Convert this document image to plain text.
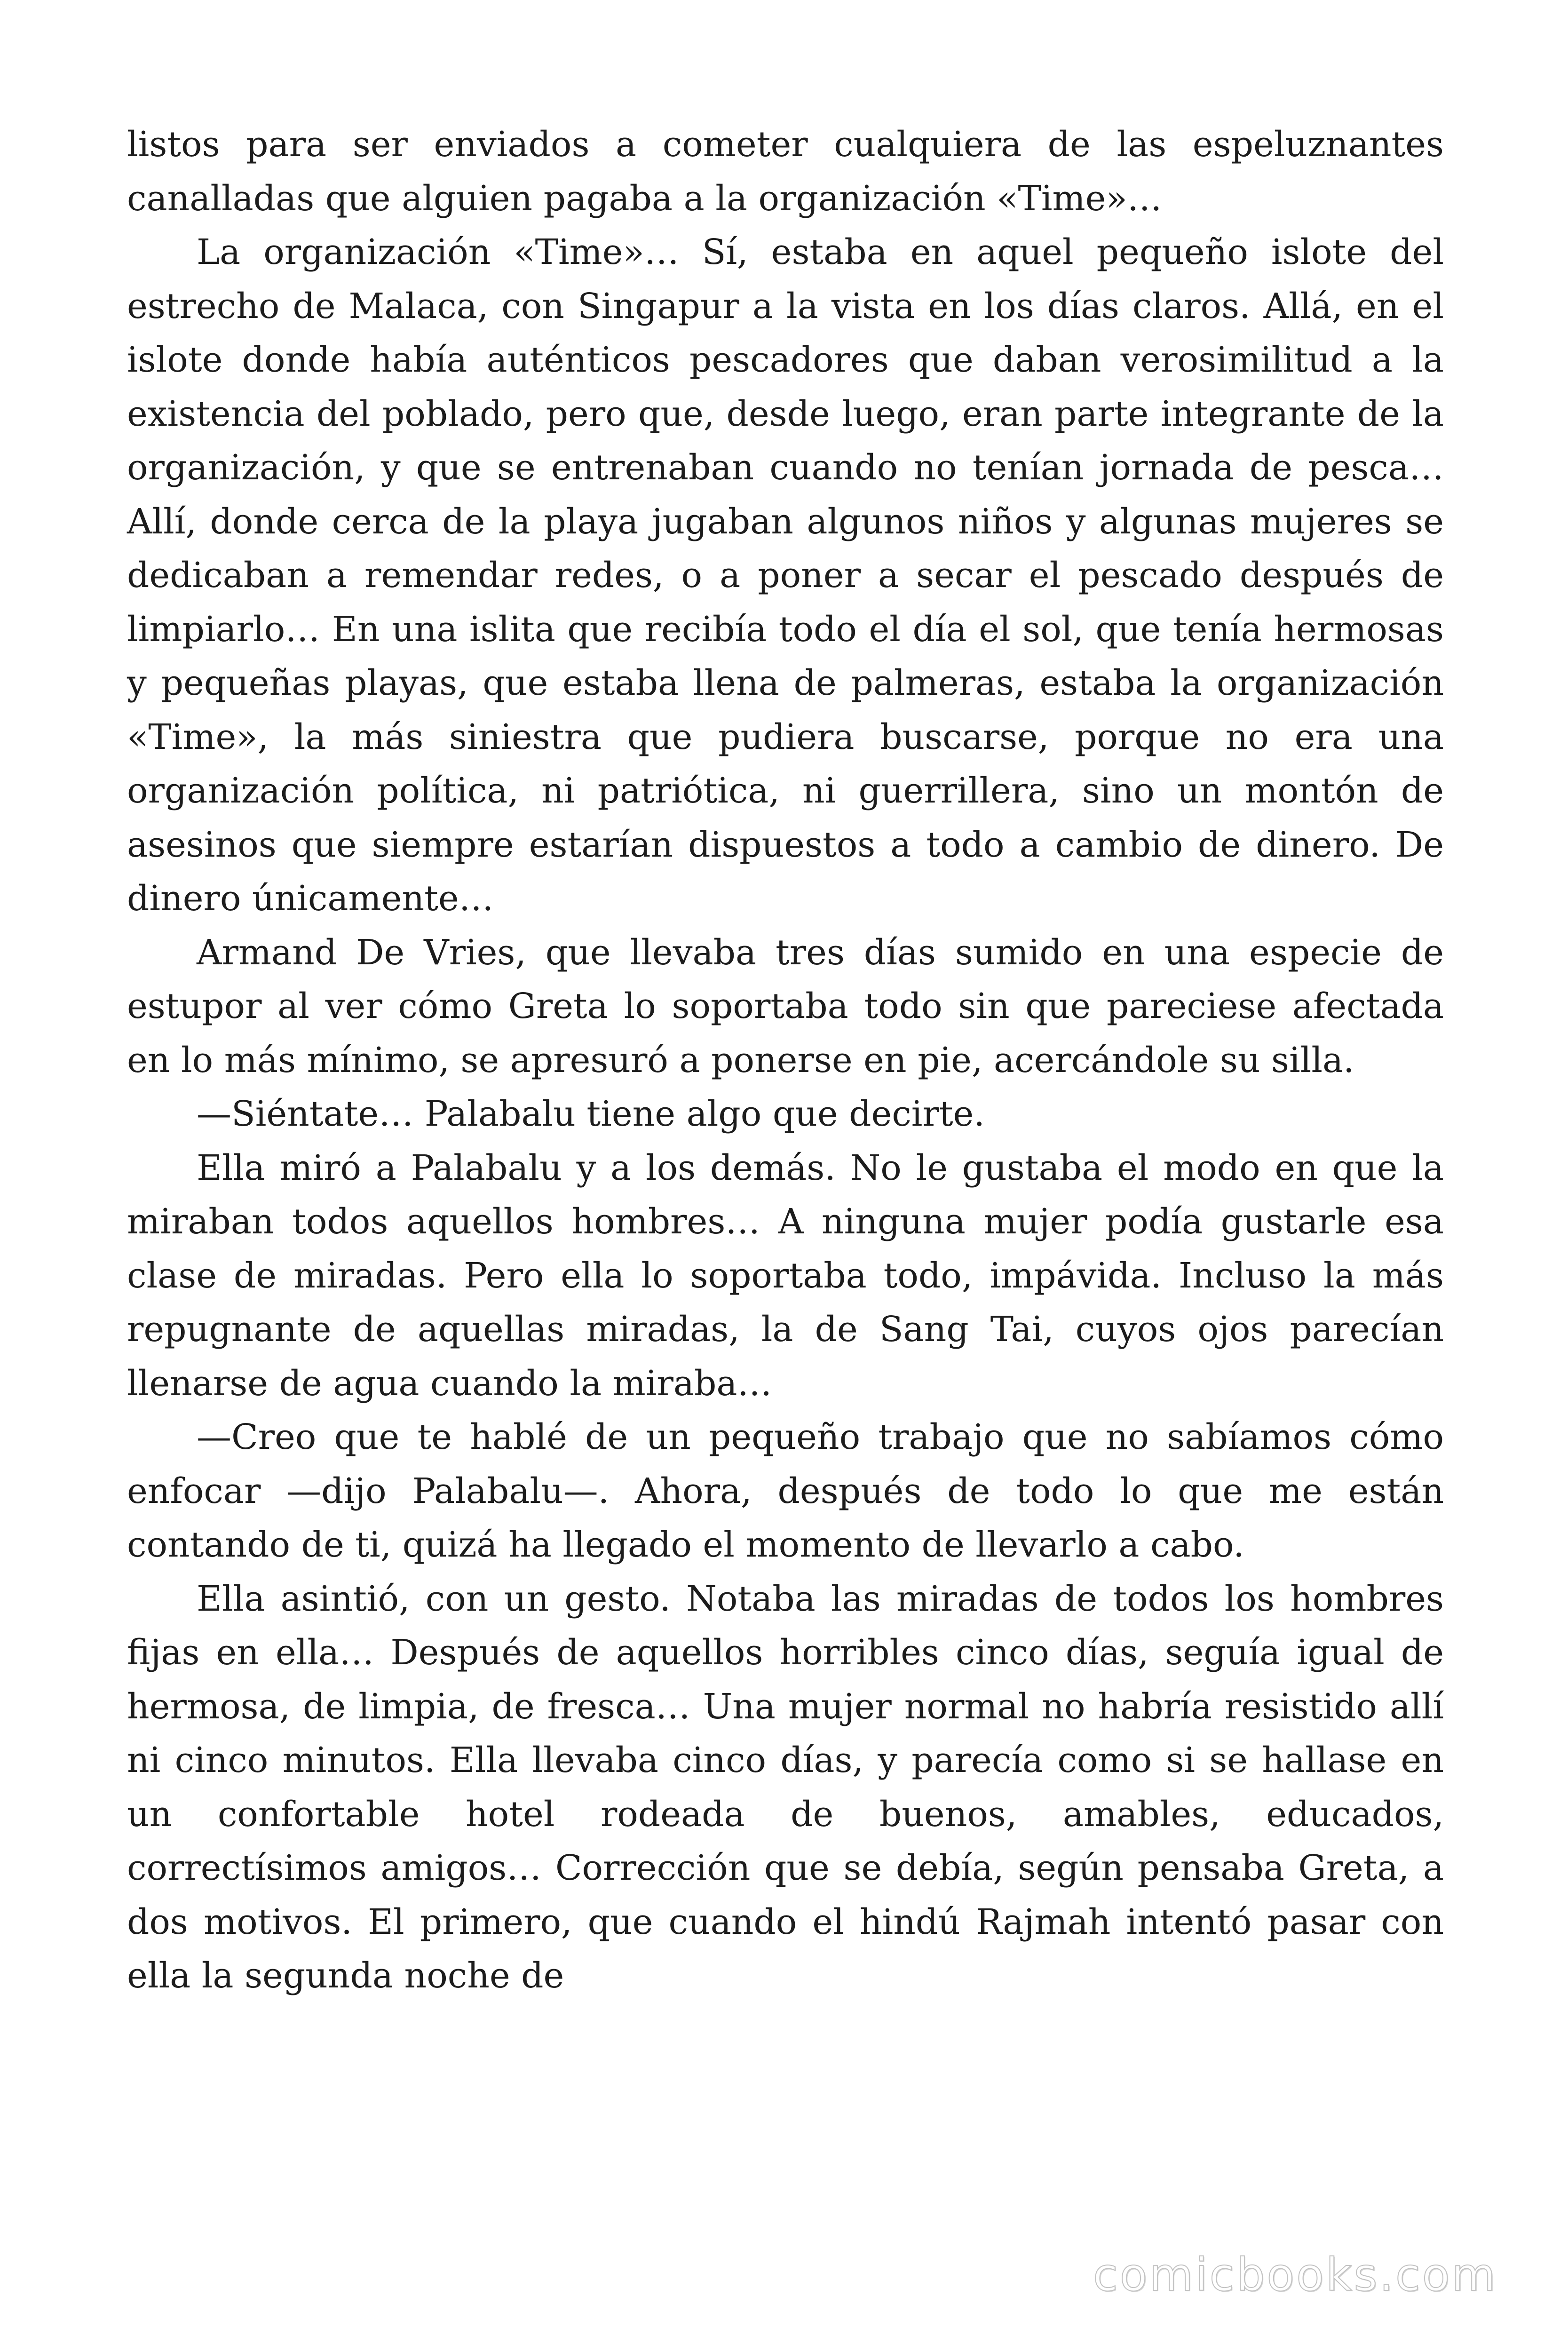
listos para ser enviados a cometer cualquiera de las espeluznantes canalladas que alguien pagaba a la organización «Time»…

La organización «Time»… Sí, estaba en aquel pequeño islote del estrecho de Malaca, con Singapur a la vista en los días claros. Allá, en el islote donde había auténticos pescadores que daban verosimilitud a la existencia del poblado, pero que, desde luego, eran parte integrante de la organización, y que se entrenaban cuando no tenían jornada de pesca… Allí, donde cerca de la playa jugaban algunos niños y algunas mujeres se dedicaban a remendar redes, o a poner a secar el pescado después de limpiarlo… En una islita que recibía todo el día el sol, que tenía hermosas y pequeñas playas, que estaba llena de palmeras, estaba la organización «Time», la más siniestra que pudiera buscarse, porque no era una organización política, ni patriótica, ni guerrillera, sino un montón de asesinos que siempre estarían dispuestos a todo a cambio de dinero. De dinero únicamente…

Armand De Vries, que llevaba tres días sumido en una especie de estupor al ver cómo Greta lo soportaba todo sin que pareciese afectada en lo más mínimo, se apresuró a ponerse en pie, acercándole su silla.

—Siéntate… Palabalu tiene algo que decirte.

Ella miró a Palabalu y a los demás. No le gustaba el modo en que la miraban todos aquellos hombres… A ninguna mujer podía gustarle esa clase de miradas. Pero ella lo soportaba todo, impávida. Incluso la más repugnante de aquellas miradas, la de Sang Tai, cuyos ojos parecían llenarse de agua cuando la miraba…

—Creo que te hablé de un pequeño trabajo que no sabíamos cómo enfocar —dijo Palabalu—. Ahora, después de todo lo que me están contando de ti, quizá ha llegado el momento de llevarlo a cabo.

Ella asintió, con un gesto. Notaba las miradas de todos los hombres fijas en ella… Después de aquellos horribles cinco días, seguía igual de hermosa, de limpia, de fresca… Una mujer normal no habría resistido allí ni cinco minutos. Ella llevaba cinco días, y parecía como si se hallase en un confortable hotel rodeada de buenos, amables, educados, correctísimos amigos… Corrección que se debía, según pensaba Greta, a dos motivos. El primero, que cuando el hindú Rajmah intentó pasar con ella la segunda noche de

comicbooks.com
